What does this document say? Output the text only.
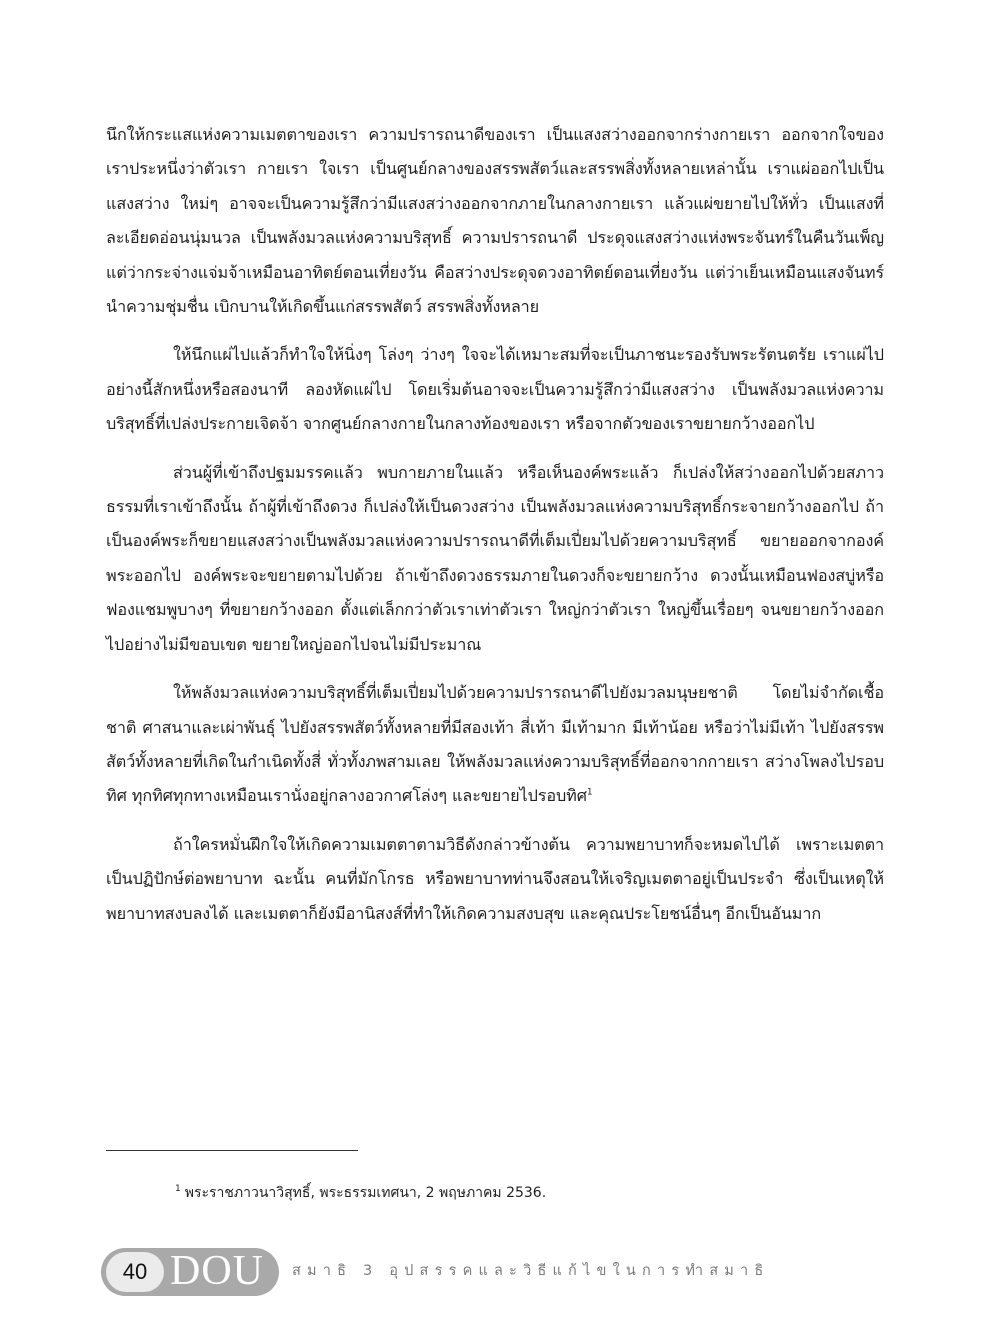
นึกให้กระแสแห่งความเมตตาของเรา ความปรารถนาดีของเรา เป็นแสงสว่างออกจากร่างกายเรา ออกจากใจของเราประหนึ่งว่าตัวเรา กายเรา ใจเรา เป็นศูนย์กลางของสรรพสัตว์และสรรพสิ่งทั้งหลายเหล่านั้น เราแผ่ออกไปเป็นแสงสว่าง ใหม่ๆ อาจจะเป็นความรู้สึกว่ามีแสงสว่างออกจากภายในกลางกายเรา แล้วแผ่ขยายไปให้ทั่ว เป็นแสงที่ละเอียดอ่อนนุ่มนวล เป็นพลังมวลแห่งความบริสุทธิ์ ความปรารถนาดี ประดุจแสงสว่างแห่งพระจันทร์ในคืนวันเพ็ญ แต่ว่ากระจ่างแจ่มจ้าเหมือนอาทิตย์ตอนเที่ยงวัน คือสว่างประดุจดวงอาทิตย์ตอนเที่ยงวัน แต่ว่าเย็นเหมือนแสงจันทร์ นำความชุ่มชื่น เบิกบานให้เกิดขึ้นแก่สรรพสัตว์ สรรพสิ่งทั้งหลาย

ให้นึกแผ่ไปแล้วก็ทำใจให้นิ่งๆ โล่งๆ ว่างๆ ใจจะได้เหมาะสมที่จะเป็นภาชนะรองรับพระรัตนตรัย เราแผ่ไปอย่างนี้สักหนึ่งหรือสองนาที ลองหัดแผ่ไป โดยเริ่มต้นอาจจะเป็นความรู้สึกว่ามีแสงสว่าง เป็นพลังมวลแห่งความบริสุทธิ์ที่เปล่งประกายเจิดจ้า จากศูนย์กลางกายในกลางท้องของเรา หรือจากตัวของเราขยายกว้างออกไป

ส่วนผู้ที่เข้าถึงปฐมมรรคแล้ว พบกายภายในแล้ว หรือเห็นองค์พระแล้ว ก็เปล่งให้สว่างออกไปด้วยสภาวธรรมที่เราเข้าถึงนั้น ถ้าผู้ที่เข้าถึงดวง ก็เปล่งให้เป็นดวงสว่าง เป็นพลังมวลแห่งความบริสุทธิ์กระจายกว้างออกไป ถ้าเป็นองค์พระก็ขยายแสงสว่างเป็นพลังมวลแห่งความปรารถนาดีที่เต็มเปี่ยมไปด้วยความบริสุทธิ์ ขยายออกจากองค์พระออกไป องค์พระจะขยายตามไปด้วย ถ้าเข้าถึงดวงธรรมภายในดวงก็จะขยายกว้าง ดวงนั้นเหมือนฟองสบู่หรือฟองแชมพูบางๆ ที่ขยายกว้างออก ตั้งแต่เล็กกว่าตัวเราเท่าตัวเรา ใหญ่กว่าตัวเรา ใหญ่ขึ้นเรื่อยๆ จนขยายกว้างออกไปอย่างไม่มีขอบเขต ขยายใหญ่ออกไปจนไม่มีประมาณ

ให้พลังมวลแห่งความบริสุทธิ์ที่เต็มเปี่ยมไปด้วยความปรารถนาดีไปยังมวลมนุษยชาติ โดยไม่จำกัดเชื้อชาติ ศาสนาและเผ่าพันธุ์ ไปยังสรรพสัตว์ทั้งหลายที่มีสองเท้า สี่เท้า มีเท้ามาก มีเท้าน้อย หรือว่าไม่มีเท้า ไปยังสรรพสัตว์ทั้งหลายที่เกิดในกำเนิดทั้งสี่ ทั่วทั้งภพสามเลย ให้พลังมวลแห่งความบริสุทธิ์ที่ออกจากกายเรา สว่างโพลงไปรอบทิศ ทุกทิศทุกทางเหมือนเรานั่งอยู่กลางอวกาศโล่งๆ และขยายไปรอบทิศ$^1$

ถ้าใครหมั่นฝึกใจให้เกิดความเมตตาตามวิธีดังกล่าวข้างต้น ความพยาบาทก็จะหมดไปได้ เพราะเมตตาเป็นปฏิปักษ์ต่อพยาบาท ฉะนั้น คนที่มักโกรธ หรือพยาบาทท่านจึงสอนให้เจริญเมตตาอยู่เป็นประจำ ซึ่งเป็นเหตุให้พยาบาทสงบลงได้ และเมตตาก็ยังมีอานิสงส์ที่ทำให้เกิดความสงบสุข และคุณประโยชน์อื่นๆ อีกเป็นอันมาก

$^1$ พระราชภาวนาวิสุทธิ์, พระธรรมเทศนา, 2 พฤษภาคม 2536.
40 DOU สมาธิ 3 อุปสรรคและวิธีแก้ไขในการทำสมาธิ
